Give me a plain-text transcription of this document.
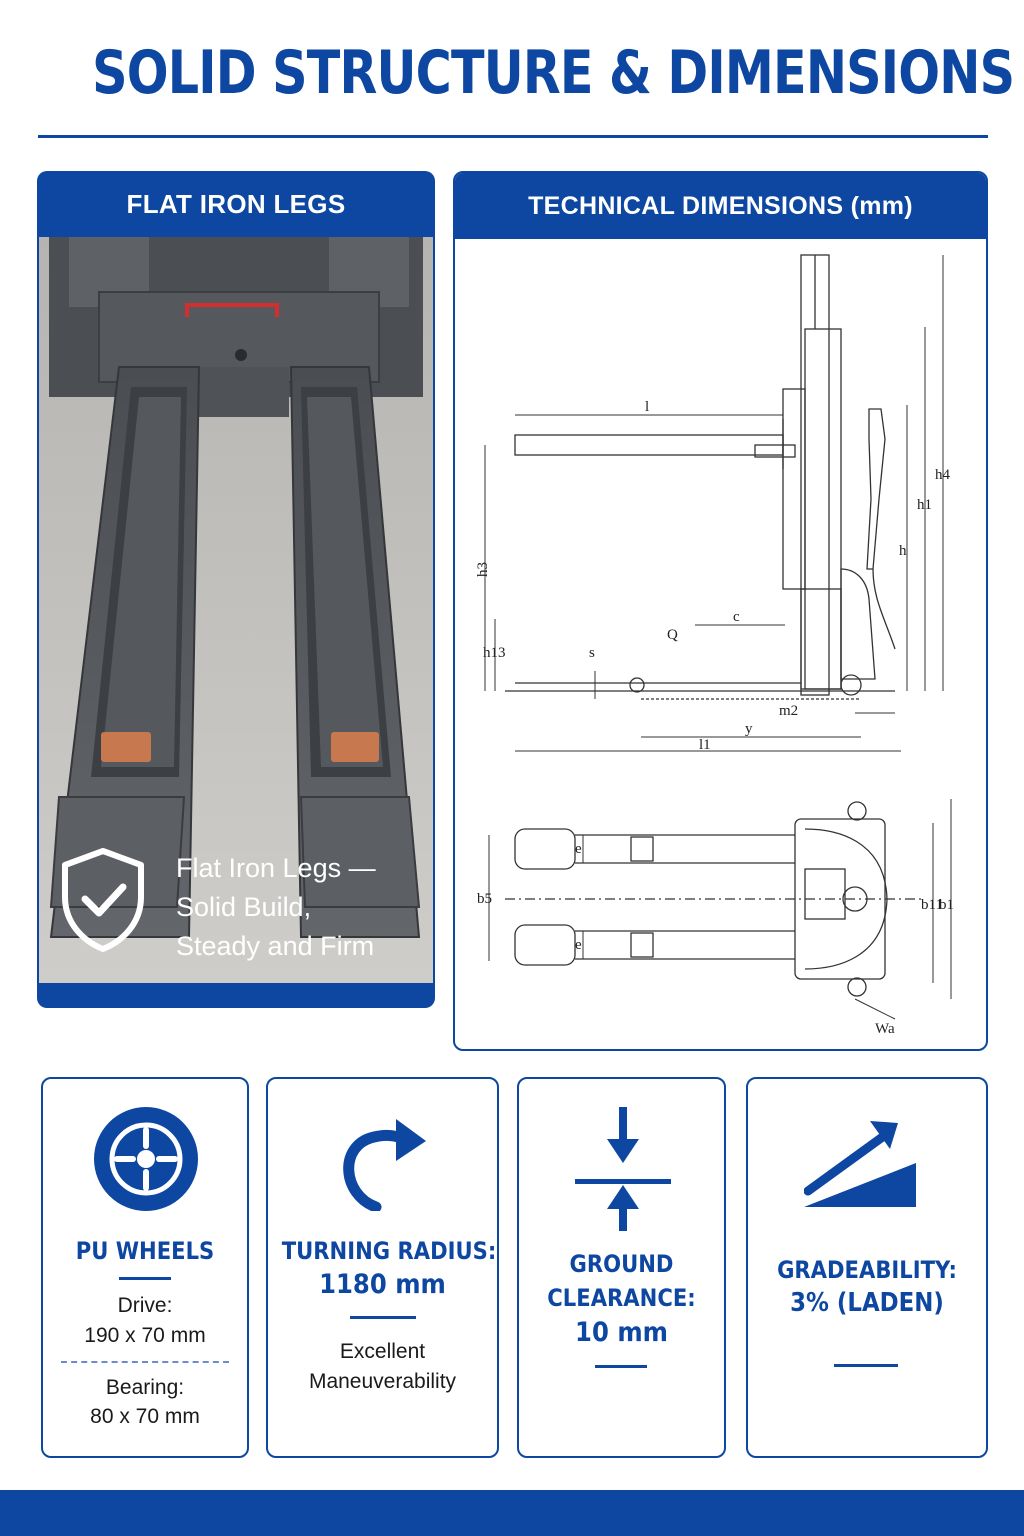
SOLID STRUCTURE & DIMENSIONS
FLAT IRON LEGS
Flat Iron Legs —
Solid Build,
Steady and Firm
TECHNICAL DIMENSIONS (mm)
l
h3
h13	s
Q
c
y
l1
m2
h
h1
h4
b5
e
e
b11
b1
Wa
PU WHEELS
Drive:
190 x 70 mm
Bearing:
80 x 70 mm
TURNING RADIUS:
1180 mm
Excellent
Maneuverability
GROUND
CLEARANCE:
10 mm
GRADEABILITY:
3% (LADEN)
